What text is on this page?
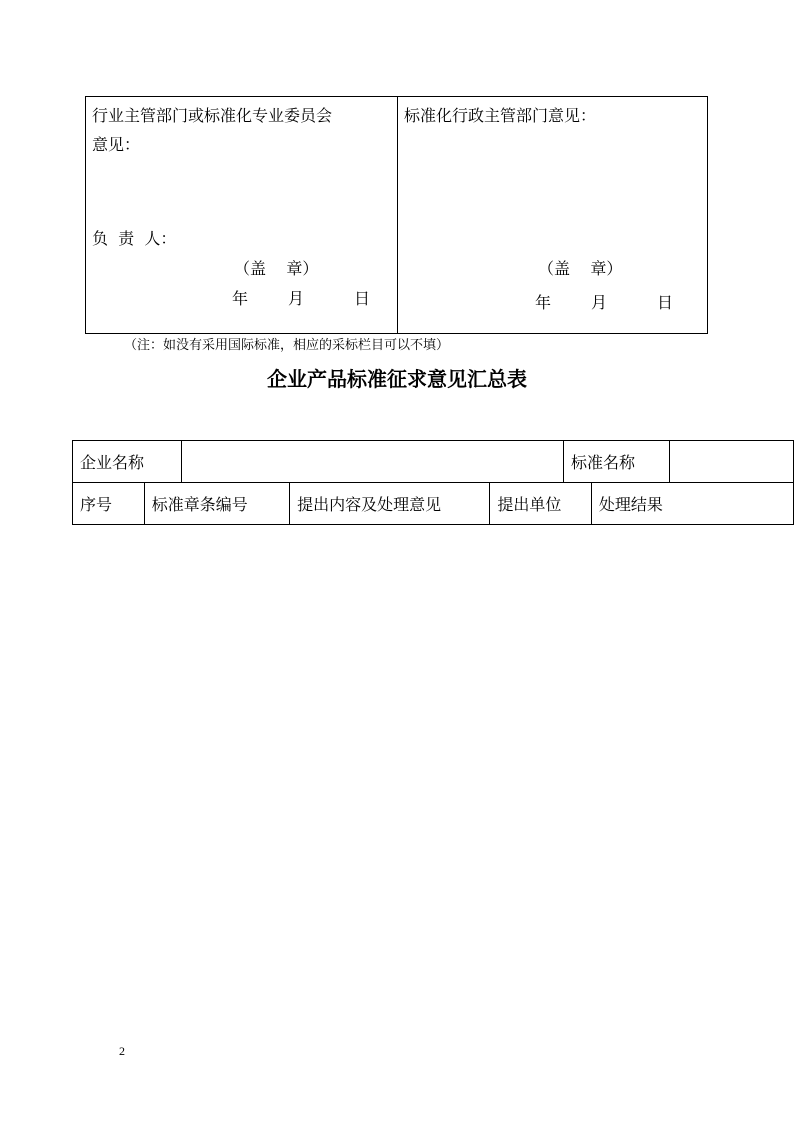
行业主管部门或标准化专业委员会
意见：
负  责  人：
（盖    章）
年 月	日
标准化行政主管部门意见：
（盖    章）
年 月	日
（注：如没有采用国际标准，相应的采标栏目可以不填）
企业产品标准征求意见汇总表
企业名称					标准名称		
序号	标准章条编号		提出内容及处理意见	提出单位		处理结果	
2
